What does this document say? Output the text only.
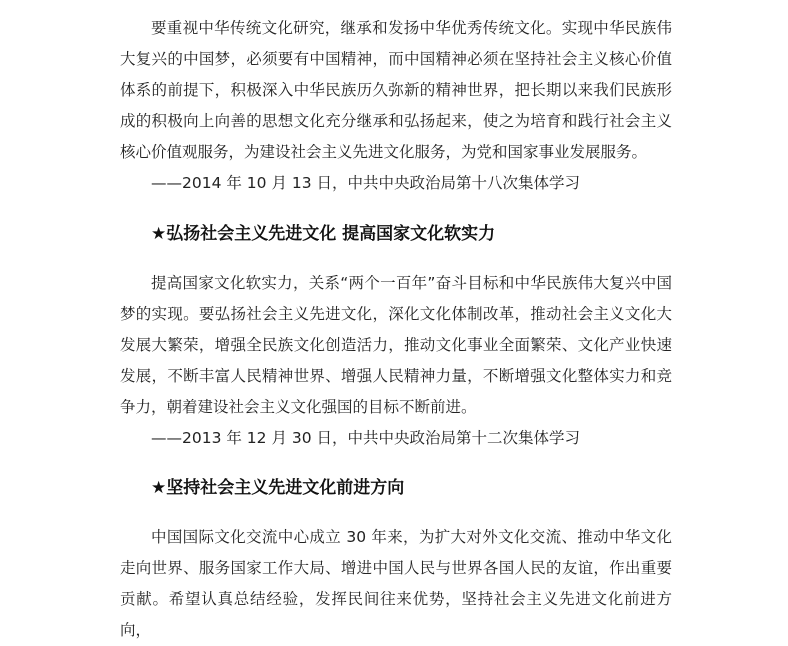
要重视中华传统文化研究，继承和发扬中华优秀传统文化。实现中华民族伟大复兴的中国梦，必须要有中国精神，而中国精神必须在坚持社会主义核心价值体系的前提下，积极深入中华民族历久弥新的精神世界，把长期以来我们民族形成的积极向上向善的思想文化充分继承和弘扬起来，使之为培育和践行社会主义核心价值观服务，为建设社会主义先进文化服务，为党和国家事业发展服务。

——2014 年 10 月 13 日，中共中央政治局第十八次集体学习

★弘扬社会主义先进文化 提高国家文化软实力

提高国家文化软实力，关系“两个一百年”奋斗目标和中华民族伟大复兴中国梦的实现。要弘扬社会主义先进文化，深化文化体制改革，推动社会主义文化大发展大繁荣，增强全民族文化创造活力，推动文化事业全面繁荣、文化产业快速发展，不断丰富人民精神世界、增强人民精神力量，不断增强文化整体实力和竞争力，朝着建设社会主义文化强国的目标不断前进。

——2013 年 12 月 30 日，中共中央政治局第十二次集体学习

★坚持社会主义先进文化前进方向

中国国际文化交流中心成立 30 年来，为扩大对外文化交流、推动中华文化走向世界、服务国家工作大局、增进中国人民与世界各国人民的友谊，作出重要贡献。希望认真总结经验，发挥民间往来优势，坚持社会主义先进文化前进方向，
